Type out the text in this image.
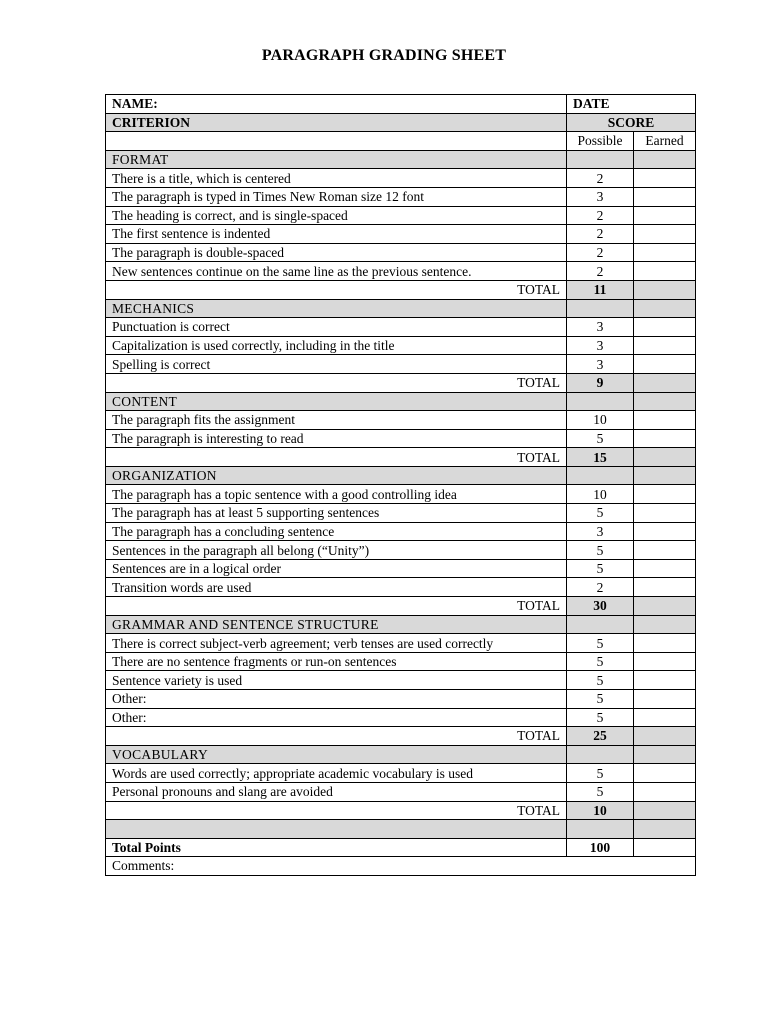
PARAGRAPH GRADING SHEET
NAME:	DATE	
CRITERION	SCORE	
	Possible	Earned
FORMAT		
There is a title, which is centered	2	
The paragraph is typed in Times New Roman size 12 font	3	
The heading is correct, and is single-spaced	2	
The first sentence is indented	2	
The paragraph is double-spaced	2	
New sentences continue on the same line as the previous sentence.	2	
TOTAL	11	
MECHANICS		
Punctuation is correct	3	
Capitalization is used correctly, including in the title	3	
Spelling is correct	3	
TOTAL	9	
CONTENT		
The paragraph fits the assignment	10	
The paragraph is interesting to read	5	
TOTAL	15	
ORGANIZATION		
The paragraph has a topic sentence with a good controlling idea	10	
The paragraph has at least 5 supporting sentences	5	
The paragraph has a concluding sentence	3	
Sentences in the paragraph all belong (“Unity”)	5	
Sentences are in a logical order	5	
Transition words are used	2	
TOTAL	30	
GRAMMAR AND SENTENCE STRUCTURE		
There is correct subject-verb agreement; verb tenses are used correctly	5	
There are no sentence fragments or run-on sentences	5	
Sentence variety is used	5	
Other:	5	
Other:	5	
TOTAL	25	
VOCABULARY		
Words are used correctly; appropriate academic vocabulary is used	5	
Personal pronouns and slang are avoided	5	
TOTAL	10	

Total Points	100	
Comments:		
